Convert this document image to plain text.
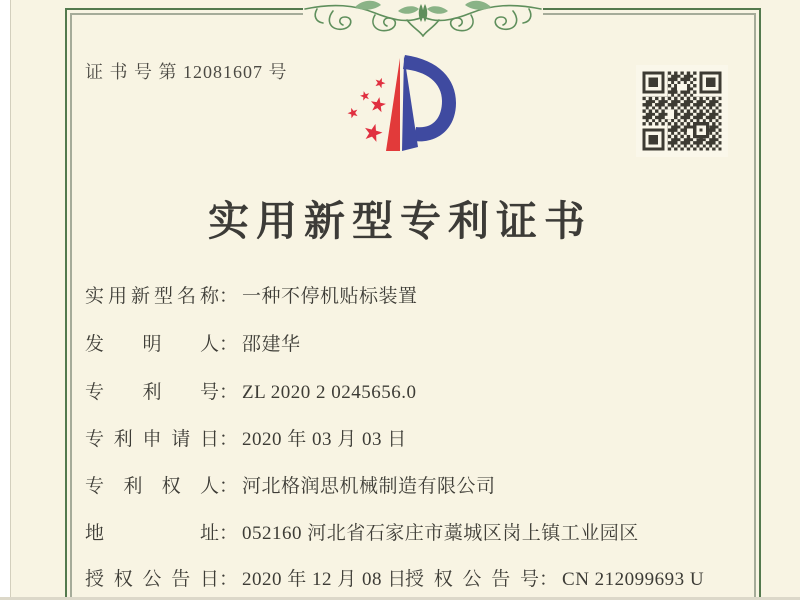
证 书 号 第 12081607 号
实用新型专利证书
实用新型名称： 一种不停机贴标装置
发明人： 邵建华
专利号： ZL 2020 2 0245656.0
专利申请日： 2020 年 03 月 03 日
专利权人： 河北格润思机械制造有限公司
地址： 052160 河北省石家庄市藁城区岗上镇工业园区
授权公告日： 2020 年 12 月 08 日
授权公告号： CN 212099693 U
